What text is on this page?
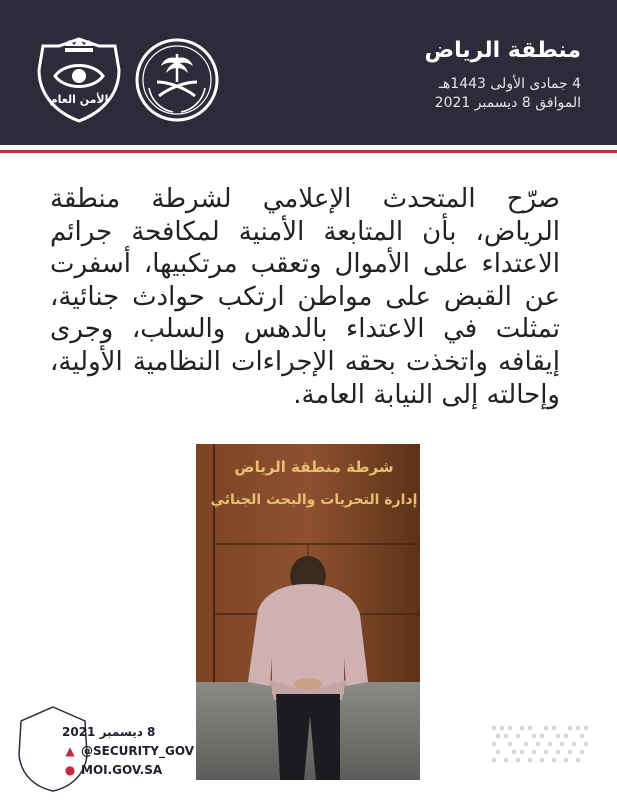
منطقة الرياض
4 جمادى الأولى 1443هـ
الموافق 8 ديسمبر 2021
الأمن العام
صرّح المتحدث الإعلامي لشرطة منطقة الرياض، بأن المتابعة الأمنية لمكافحة جرائم الاعتداء على الأموال وتعقب مرتكبيها، أسفرت عن القبض على مواطن ارتكب حوادث جنائية، تمثلت في الاعتداء بالدهس والسلب، وجرى إيقافه واتخذت بحقه الإجراءات النظامية الأولية، وإحالته إلى النيابة العامة.
شرطة منطقة الرياض
إدارة التحريات والبحث الجنائي
8 ديسمبر 2021
▲ @SECURITY_GOV
● MOI.GOV.SA
